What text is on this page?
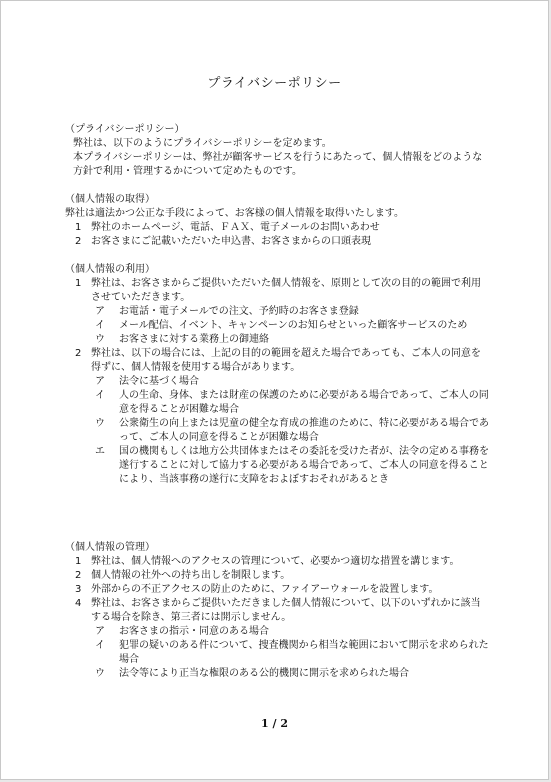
プライバシーポリシー
（プライバシーポリシー）
弊社は、以下のようにプライバシーポリシーを定めます。
本プライバシーポリシーは、弊社が顧客サービスを行うにあたって、個人情報をどのような方針で利用・管理するかについて定めたものです。
（個人情報の取得）
弊社は適法かつ公正な手段によって、お客様の個人情報を取得いたします。
1 弊社のホームページ、電話、ＦＡＸ、電子メールのお問いあわせ
2 お客さまにご記載いただいた申込書、お客さまからの口頭表現
（個人情報の利用）
1 弊社は、お客さまからご提供いただいた個人情報を、原則として次の目的の範囲で利用させていただきます。
ア	お電話・電子メールでの注文、予約時のお客さま登録
イ	メール配信、イベント、キャンペーンのお知らせといった顧客サービスのため
ウ	お客さまに対する業務上の御連絡
2 弊社は、以下の場合には、上記の目的の範囲を超えた場合であっても、ご本人の同意を得ずに、個人情報を使用する場合があります。
ア	法令に基づく場合
イ	人の生命、身体、または財産の保護のために必要がある場合であって、ご本人の同意を得ることが困難な場合
ウ	公衆衛生の向上または児童の健全な育成の推進のために、特に必要がある場合であって、ご本人の同意を得ることが困難な場合
エ	国の機関もしくは地方公共団体またはその委託を受けた者が、法令の定める事務を遂行することに対して協力する必要がある場合であって、ご本人の同意を得ることにより、当該事務の遂行に支障をおよぼすおそれがあるとき
（個人情報の管理）
1 弊社は、個人情報へのアクセスの管理について、必要かつ適切な措置を講じます。
2 個人情報の社外への持ち出しを制限します。
3 外部からの不正アクセスの防止のために、ファイアーウォールを設置します。
4 弊社は、お客さまからご提供いただきました個人情報について、以下のいずれかに該当する場合を除き、第三者には開示しません。
ア	お客さまの指示・同意のある場合
イ	犯罪の疑いのある件について、捜査機関から相当な範囲において開示を求められた場合
ウ	法令等により正当な権限のある公的機関に開示を求められた場合
1 / 2
